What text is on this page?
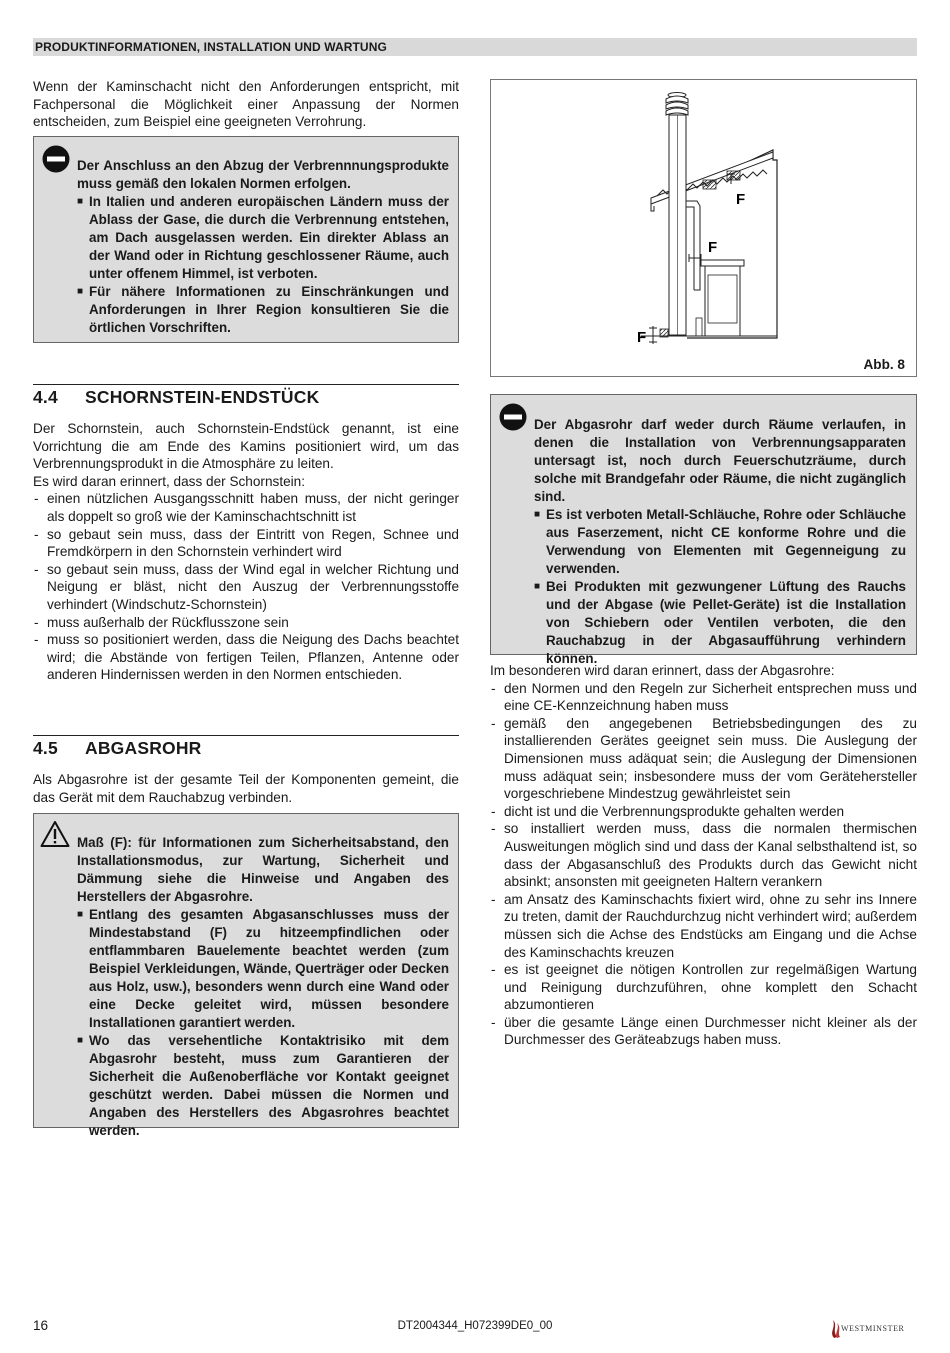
PRODUKTINFORMATIONEN, INSTALLATION UND WARTUNG

Wenn der Kaminschacht nicht den Anforderungen entspricht, mit Fachpersonal die Möglichkeit einer Anpassung der Normen entscheiden, zum Beispiel eine geeigneten Verrohrung.

Der Anschluss an den Abzug der Verbrennnungsprodukte muss gemäß den lokalen Normen erfolgen.
■ In Italien und anderen europäischen Ländern muss der Ablass der Gase, die durch die Verbrennung entstehen, am Dach ausgelassen werden. Ein direkter Ablass an der Wand oder in Richtung geschlossener Räume, auch unter offenem Himmel, ist verboten.
■ Für nähere Informationen zu Einschränkungen und Anforderungen in Ihrer Region konsultieren Sie die örtlichen Vorschriften.
4.4 SCHORNSTEIN-ENDSTÜCK

Der Schornstein, auch Schornstein-Endstück genannt, ist eine Vorrichtung die am Ende des Kamins positioniert wird, um das Verbrennungsprodukt in die Atmosphäre zu leiten.

Es wird daran erinnert, dass der Schornstein:

- einen nützlichen Ausgangsschnitt haben muss, der nicht geringer als doppelt so groß wie der Kaminschachtschnitt ist
- so gebaut sein muss, dass der Eintritt von Regen, Schnee und Fremdkörpern in den Schornstein verhindert wird
- so gebaut sein muss, dass der Wind egal in welcher Richtung und Neigung er bläst, nicht den Auszug der Verbrennungsstoffe verhindert (Windschutz-Schornstein)
- muss außerhalb der Rückflusszone sein
- muss so positioniert werden, dass die Neigung des Dachs beachtet wird; die Abstände von fertigen Teilen, Pflanzen, Antenne oder anderen Hindernissen werden in den Normen entschieden.
4.5 ABGASROHR

Als Abgasrohre ist der gesamte Teil der Komponenten gemeint, die das Gerät mit dem Rauchabzug verbinden.

Maß (F): für Informationen zum Sicherheitsabstand, den Installationsmodus, zur Wartung, Sicherheit und Dämmung siehe die Hinweise und Angaben des Herstellers der Abgasrohre.
■ Entlang des gesamten Abgasanschlusses muss der Mindestabstand (F) zu hitzeempfindlichen oder entflammbaren Bauelemente beachtet werden (zum Beispiel Verkleidungen, Wände, Querträger oder Decken aus Holz, usw.), besonders wenn durch eine Wand oder eine Decke geleitet wird, müssen besondere Installationen garantiert werden.
■ Wo das versehentliche Kontaktrisiko mit dem Abgasrohr besteht, muss zum Garantieren der Sicherheit die Außenoberfläche vor Kontakt geeignet geschützt werden. Dabei müssen die Normen und Angaben des Herstellers des Abgasrohres beachtet werden.
F
F
F
Abb. 8
Der Abgasrohr darf weder durch Räume verlaufen, in denen die Installation von Verbrennungsapparaten untersagt ist, noch durch Feuerschutzräume, durch solche mit Brandgefahr oder Räume, die nicht zugänglich sind.
■ Es ist verboten Metall-Schläuche, Rohre oder Schläuche aus Faserzement, nicht CE konforme Rohre und die Verwendung von Elementen mit Gegenneigung zu verwenden.
■ Bei Produkten mit gezwungener Lüftung des Rauchs und der Abgase (wie Pellet-Geräte) ist die Installation von Schiebern oder Ventilen verboten, die den Rauchabzug in der Abgasaufführung verhindern können.

Im besonderen wird daran erinnert, dass der Abgasrohre:

- den Normen und den Regeln zur Sicherheit entsprechen muss und eine CE-Kennzeichnung haben muss
- gemäß den angegebenen Betriebsbedingungen des zu installierenden Gerätes geeignet sein muss. Die Auslegung der Dimensionen muss adäquat sein; die Auslegung der Dimensionen muss adäquat sein; insbesondere muss der vom Gerätehersteller vorgeschriebene Mindestzug gewährleistet sein
- dicht ist und die Verbrennungsprodukte gehalten werden
- so installiert werden muss, dass die normalen thermischen Ausweitungen möglich sind und dass der Kanal selbsthaltend ist, so dass der Abgasanschluß des Produkts durch das Gewicht nicht absinkt; ansonsten mit geeigneten Haltern verankern
- am Ansatz des Kaminschachts fixiert wird, ohne zu sehr ins Innere zu treten, damit der Rauchdurchzug nicht verhindert wird; außerdem müssen sich die Achse des Endstücks am Eingang und die Achse des Kaminschachts kreuzen
- es ist geeignet die nötigen Kontrollen zur regelmäßigen Wartung und Reinigung durchzuführen, ohne komplett den Schacht abzumontieren
- über die gesamte Länge einen Durchmesser nicht kleiner als der Durchmesser des Geräteabzugs haben muss.
16	DT2004344_H072399DE0_00	WESTMINSTER
